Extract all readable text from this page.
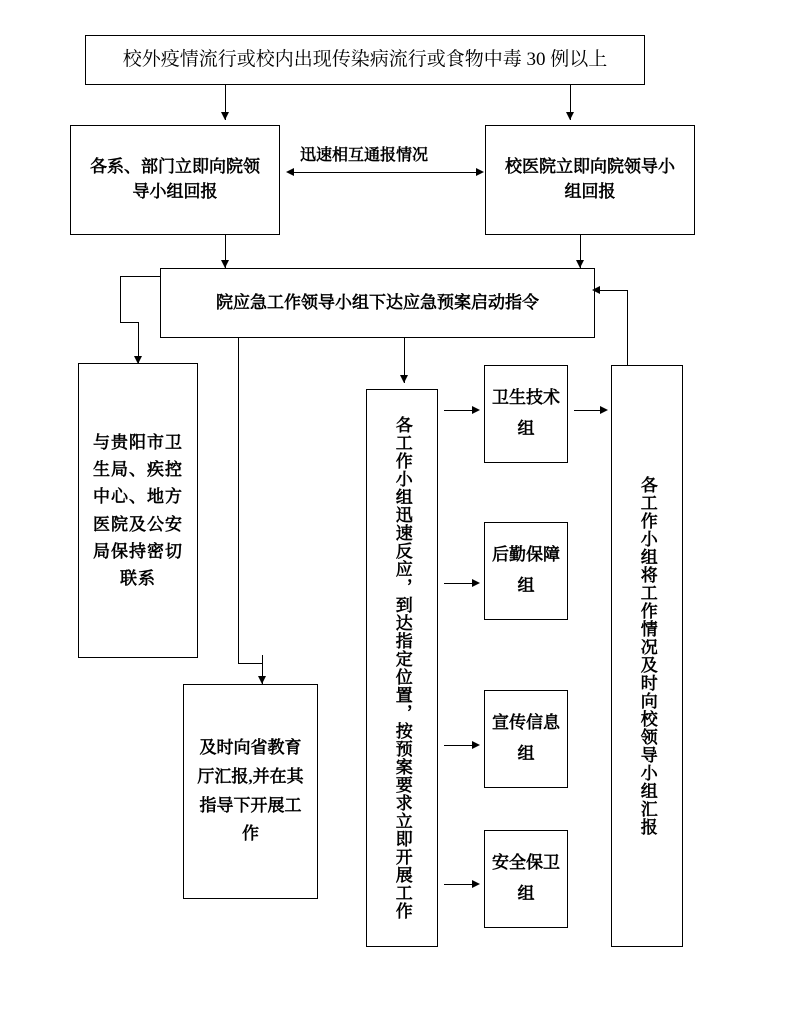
校外疫情流行或校内出现传染病流行或食物中毒 30 例以上
各系、部门立即向院领导小组回报
校医院立即向院领导小组回报
迅速相互通报情况
院应急工作领导小组下达应急预案启动指令
与贵阳市卫生局、疾控中心、地方医院及公安局保持密切联系
及时向省教育厅汇报,并在其指导下开展工作	各工作小组迅速反应，到达指定位置，按预案要求立即开展工作
卫生技术组
后勤保障组
宣传信息组
安全保卫组
各工作小组将工作情况及时向校领导小组汇报
